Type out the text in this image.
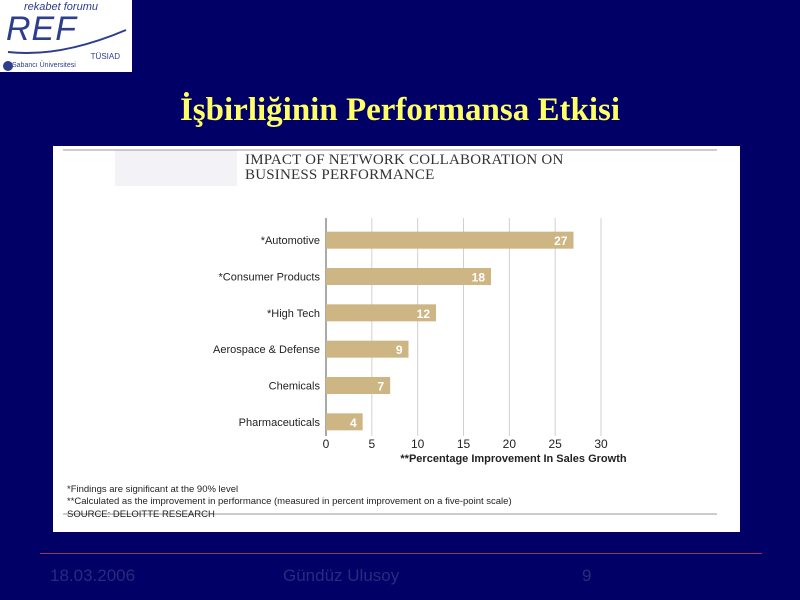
rekabet forumu
REF
TÜSIAD
Sabancı Üniversitesi
İşbirliğinin Performansa Etkisi
27
*Automotive
18
*Consumer Products
12
*High Tech
9
Aerospace & Defense
7
Chemicals
4
Pharmaceuticals
0	5	10	15	20	25	30
**Percentage Improvement In Sales Growth
IMPACT OF NETWORK COLLABORATION ON
BUSINESS PERFORMANCE
*Findings are significant at the 90% level
**Calculated as the improvement in performance (measured in percent improvement on a five-point scale)
SOURCE: DELOITTE RESEARCH
18.03.2006	Gündüz Ulusoy	9
